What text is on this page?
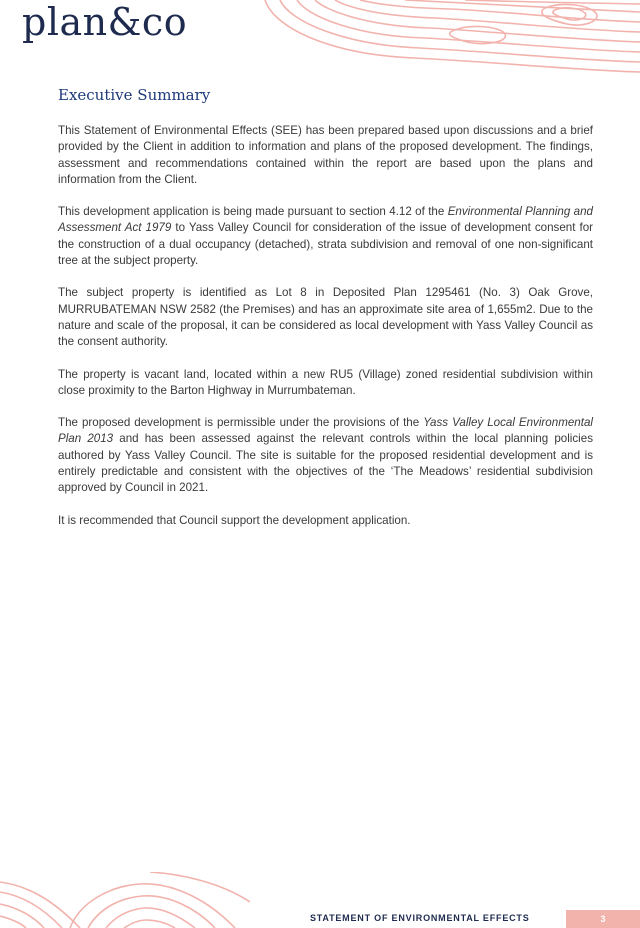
plan&co
Executive Summary

This Statement of Environmental Effects (SEE) has been prepared based upon discussions and a brief provided by the Client in addition to information and plans of the proposed development. The findings, assessment and recommendations contained within the report are based upon the plans and information from the Client.

This development application is being made pursuant to section 4.12 of the Environmental Planning and Assessment Act 1979 to Yass Valley Council for consideration of the issue of development consent for the construction of a dual occupancy (detached), strata subdivision and removal of one non-significant tree at the subject property.

The subject property is identified as Lot 8 in Deposited Plan 1295461 (No. 3) Oak Grove, MURRUBATEMAN NSW 2582 (the Premises) and has an approximate site area of 1,655m2. Due to the nature and scale of the proposal, it can be considered as local development with Yass Valley Council as the consent authority.

The property is vacant land, located within a new RU5 (Village) zoned residential subdivision within close proximity to the Barton Highway in Murrumbateman.

The proposed development is permissible under the provisions of the Yass Valley Local Environmental Plan 2013 and has been assessed against the relevant controls within the local planning policies authored by Yass Valley Council. The site is suitable for the proposed residential development and is entirely predictable and consistent with the objectives of the ‘The Meadows’ residential subdivision approved by Council in 2021.

It is recommended that Council support the development application.

STATEMENT OF ENVIRONMENTAL EFFECTS	3
